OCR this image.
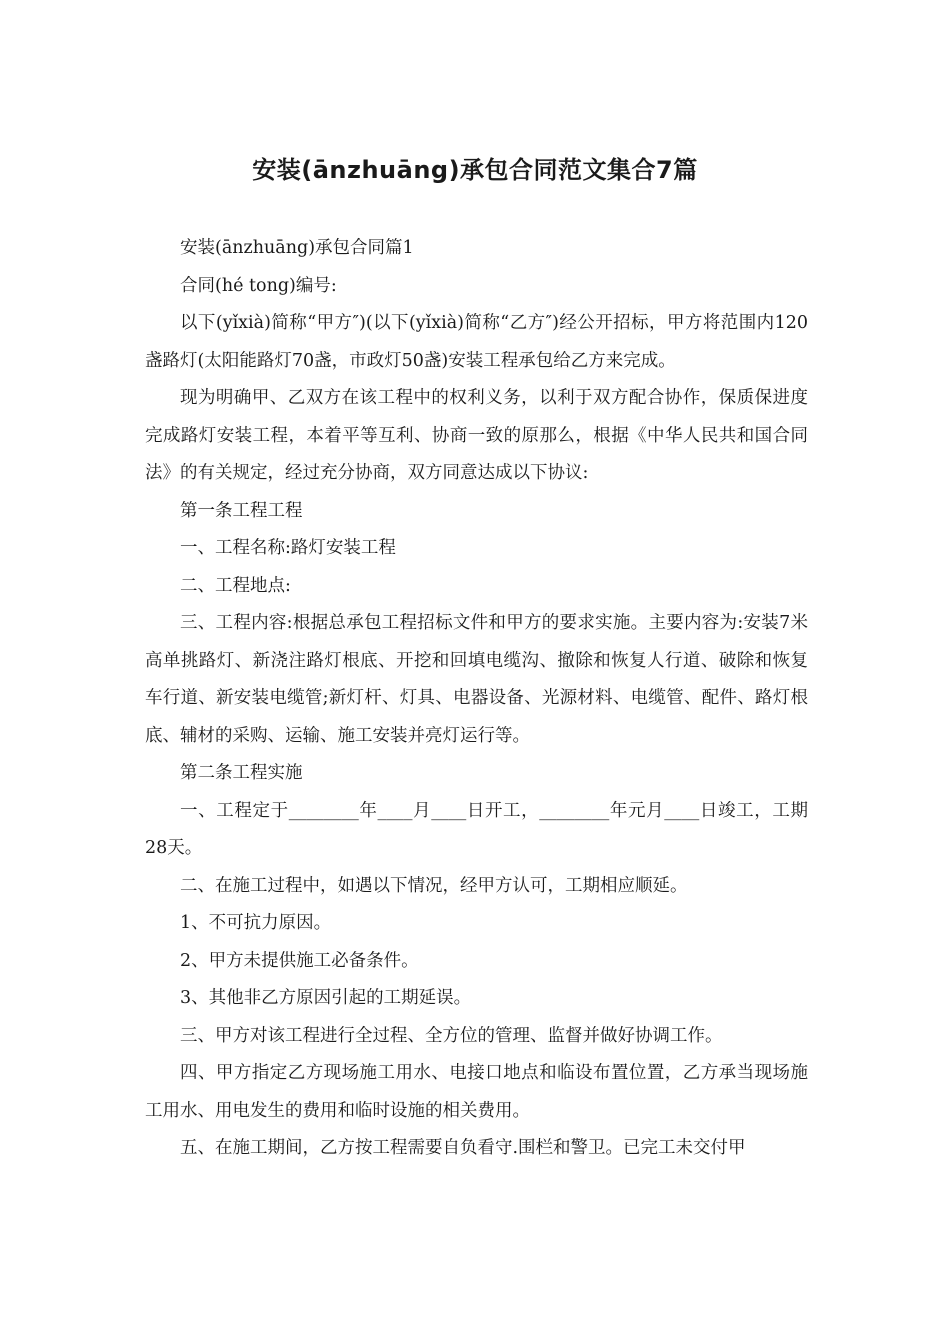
安装(ānzhuāng)承包合同范文集合7篇

安装(ānzhuāng)承包合同篇1

合同(hé tong)编号:

以下(yǐxià)简称“甲方″)(以下(yǐxià)简称“乙方″)经公开招标，甲方将范围内120盏路灯(太阳能路灯70盏，市政灯50盏)安装工程承包给乙方来完成。

现为明确甲、乙双方在该工程中的权利义务，以利于双方配合协作，保质保进度完成路灯安装工程，本着平等互利、协商一致的原那么，根据《中华人民共和国合同法》的有关规定，经过充分协商，双方同意达成以下协议:

第一条工程工程

一、工程名称:路灯安装工程

二、工程地点:

三、工程内容:根据总承包工程招标文件和甲方的要求实施。主要内容为:安装7米高单挑路灯、新浇注路灯根底、开挖和回填电缆沟、撤除和恢复人行道、破除和恢复车行道、新安装电缆管;新灯杆、灯具、电器设备、光源材料、电缆管、配件、路灯根底、辅材的采购、运输、施工安装并亮灯运行等。

第二条工程实施

一、工程定于________年____月____日开工，________年元月____日竣工，工期28天。

二、在施工过程中，如遇以下情况，经甲方认可，工期相应顺延。

1、不可抗力原因。

2、甲方未提供施工必备条件。

3、其他非乙方原因引起的工期延误。

三、甲方对该工程进行全过程、全方位的管理、监督并做好协调工作。

四、甲方指定乙方现场施工用水、电接口地点和临设布置位置，乙方承当现场施工用水、用电发生的费用和临时设施的相关费用。

五、在施工期间，乙方按工程需要自负看守.围栏和警卫。已完工未交付甲
